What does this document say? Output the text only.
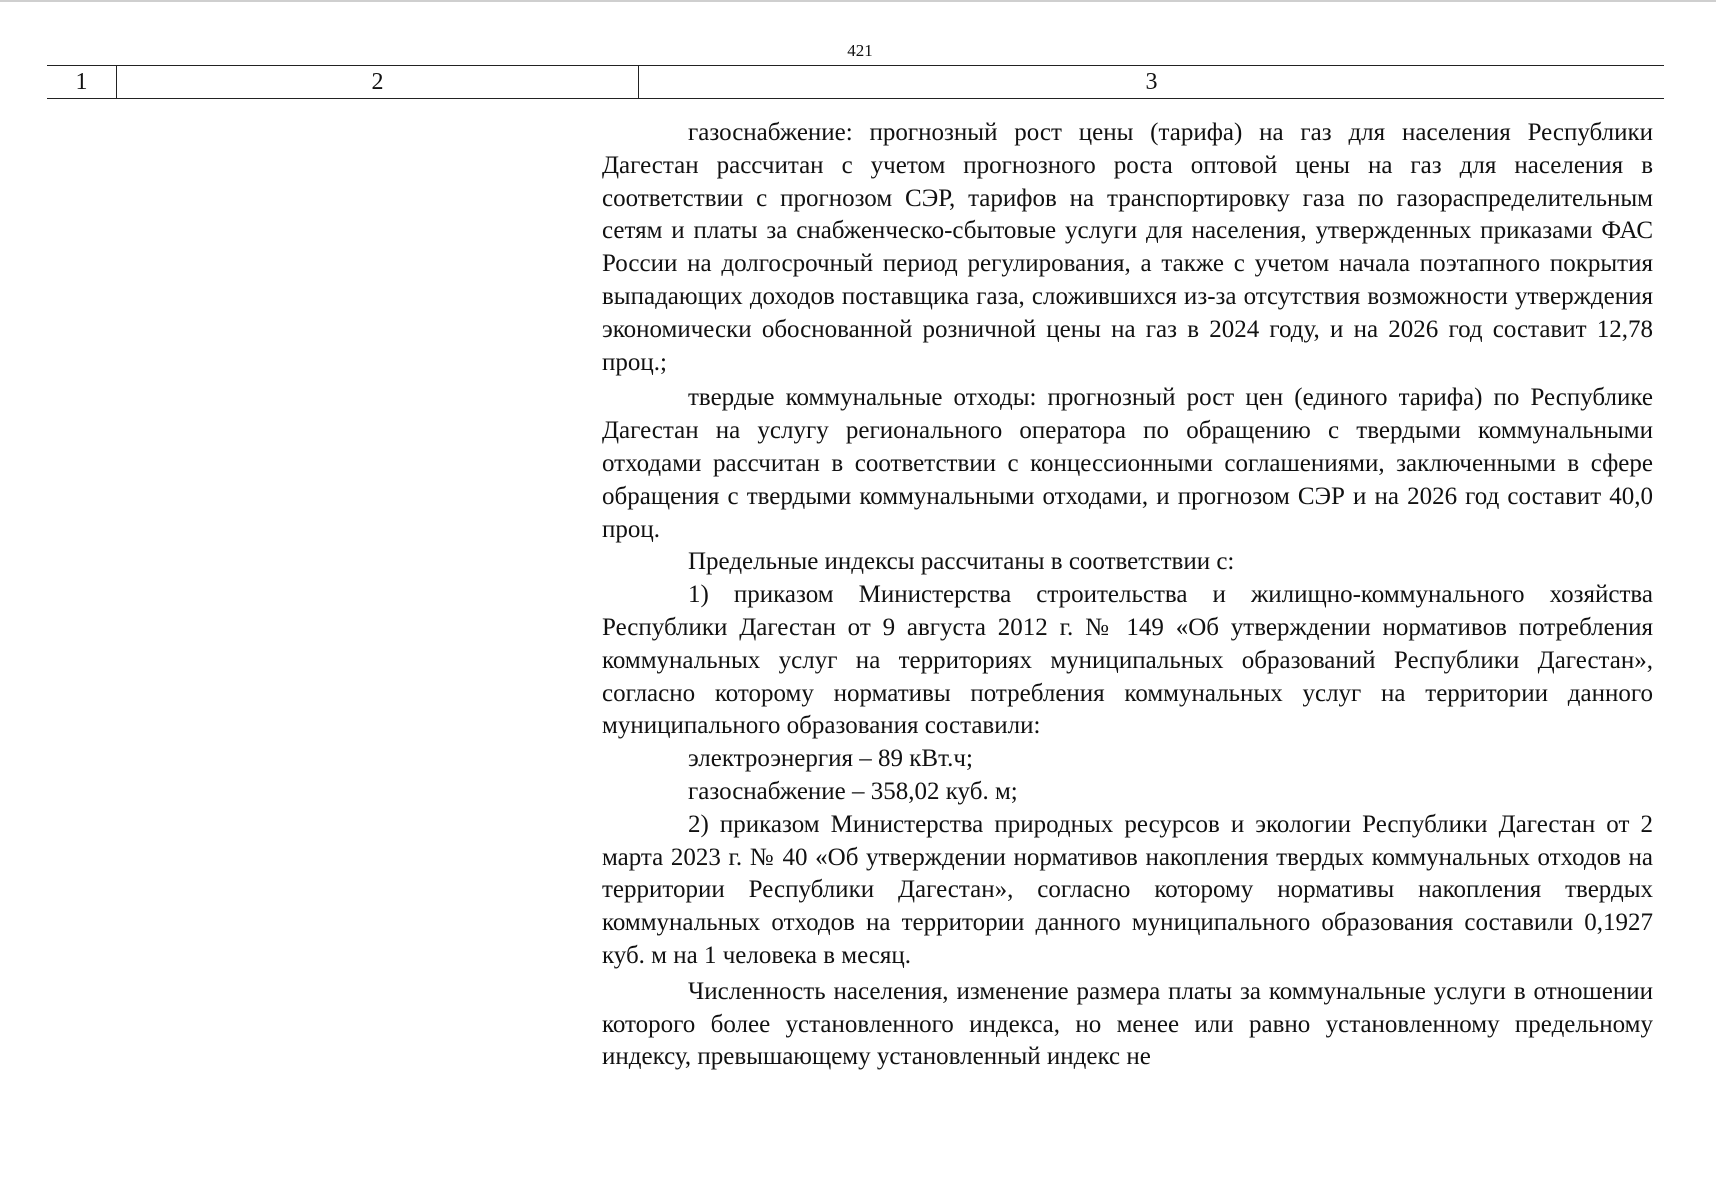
421
1	2	3

газоснабжение: прогнозный рост цены (тарифа) на газ для населения Республики Дагестан рассчитан с учетом прогнозного роста оптовой цены на газ для населения в соответствии с прогнозом СЭР, тарифов на транспортировку газа по газораспределительным сетям и платы за снабженческо-сбытовые услуги для населения, утвержденных приказами ФАС России на долгосрочный период регулирования, а также с учетом начала поэтапного покрытия выпадающих доходов поставщика газа, сложившихся из-за отсутствия возможности утверждения экономически обоснованной розничной цены на газ в 2024 году, и на 2026 год составит 12,78 проц.;

твердые коммунальные отходы: прогнозный рост цен (единого тарифа) по Республике Дагестан на услугу регионального оператора по обращению с твердыми коммунальными отходами рассчитан в соответствии с концессионными соглашениями, заключенными в сфере обращения с твердыми коммунальными отходами, и прогнозом СЭР и на 2026 год составит 40,0 проц.

Предельные индексы рассчитаны в соответствии с:

1) приказом Министерства строительства и жилищно-коммунального хозяйства Республики Дагестан от 9 августа 2012 г. № 149 «Об утверждении нормативов потребления коммунальных услуг на территориях муниципальных образований Республики Дагестан», согласно которому нормативы потребления коммунальных услуг на территории данного муниципального образования составили:

электроэнергия – 89 кВт.ч;

газоснабжение – 358,02 куб. м;

2) приказом Министерства природных ресурсов и экологии Республики Дагестан от 2 марта 2023 г. № 40 «Об утверждении нормативов накопления твердых коммунальных отходов на территории Республики Дагестан», согласно которому нормативы накопления твердых коммунальных отходов на территории данного муниципального образования составили 0,1927 куб. м на 1 человека в месяц.

Численность населения, изменение размера платы за коммунальные услуги в отношении которого более установленного индекса, но менее или равно установленному предельному индексу, превышающему установленный индекс не
